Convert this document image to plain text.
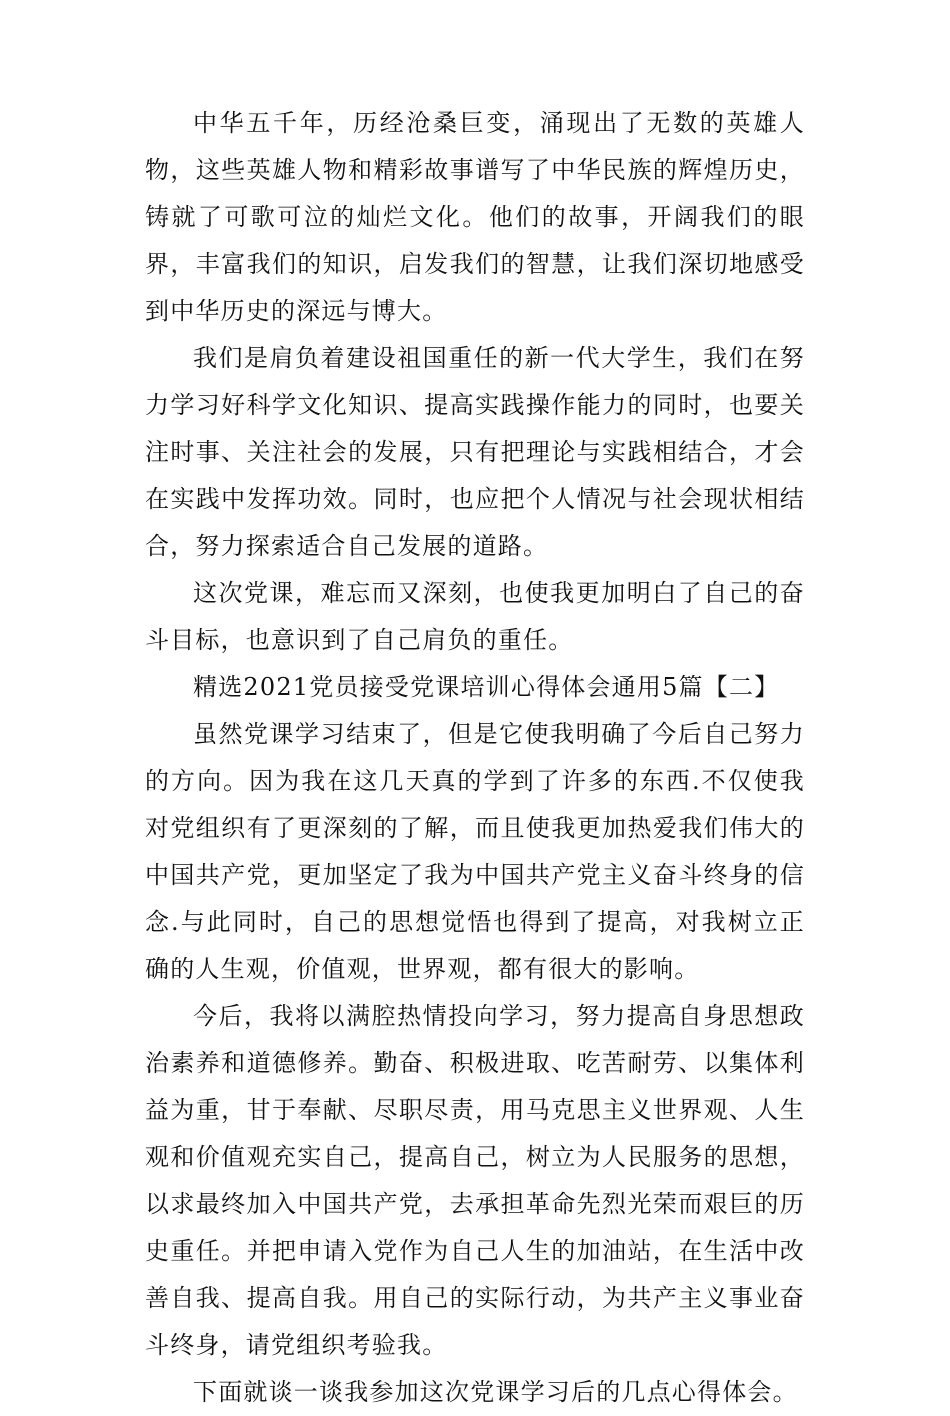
中华五千年，历经沧桑巨变，涌现出了无数的英雄人物，这些英雄人物和精彩故事谱写了中华民族的辉煌历史，铸就了可歌可泣的灿烂文化。他们的故事，开阔我们的眼界，丰富我们的知识，启发我们的智慧，让我们深切地感受到中华历史的深远与博大。

我们是肩负着建设祖国重任的新一代大学生，我们在努力学习好科学文化知识、提高实践操作能力的同时，也要关注时事、关注社会的发展，只有把理论与实践相结合，才会在实践中发挥功效。同时，也应把个人情况与社会现状相结合，努力探索适合自己发展的道路。

这次党课，难忘而又深刻，也使我更加明白了自己的奋斗目标，也意识到了自己肩负的重任。

精选2021党员接受党课培训心得体会通用5篇【二】

虽然党课学习结束了，但是它使我明确了今后自己努力的方向。因为我在这几天真的学到了许多的东西.不仅使我对党组织有了更深刻的了解，而且使我更加热爱我们伟大的中国共产党，更加坚定了我为中国共产党主义奋斗终身的信念.与此同时，自己的思想觉悟也得到了提高，对我树立正确的人生观，价值观，世界观，都有很大的影响。

今后，我将以满腔热情投向学习，努力提高自身思想政治素养和道德修养。勤奋、积极进取、吃苦耐劳、以集体利益为重，甘于奉献、尽职尽责，用马克思主义世界观、人生观和价值观充实自己，提高自己，树立为人民服务的思想，以求最终加入中国共产党，去承担革命先烈光荣而艰巨的历史重任。并把申请入党作为自己人生的加油站，在生活中改善自我、提高自我。用自己的实际行动，为共产主义事业奋斗终身，请党组织考验我。

下面就谈一谈我参加这次党课学习后的几点心得体会。
